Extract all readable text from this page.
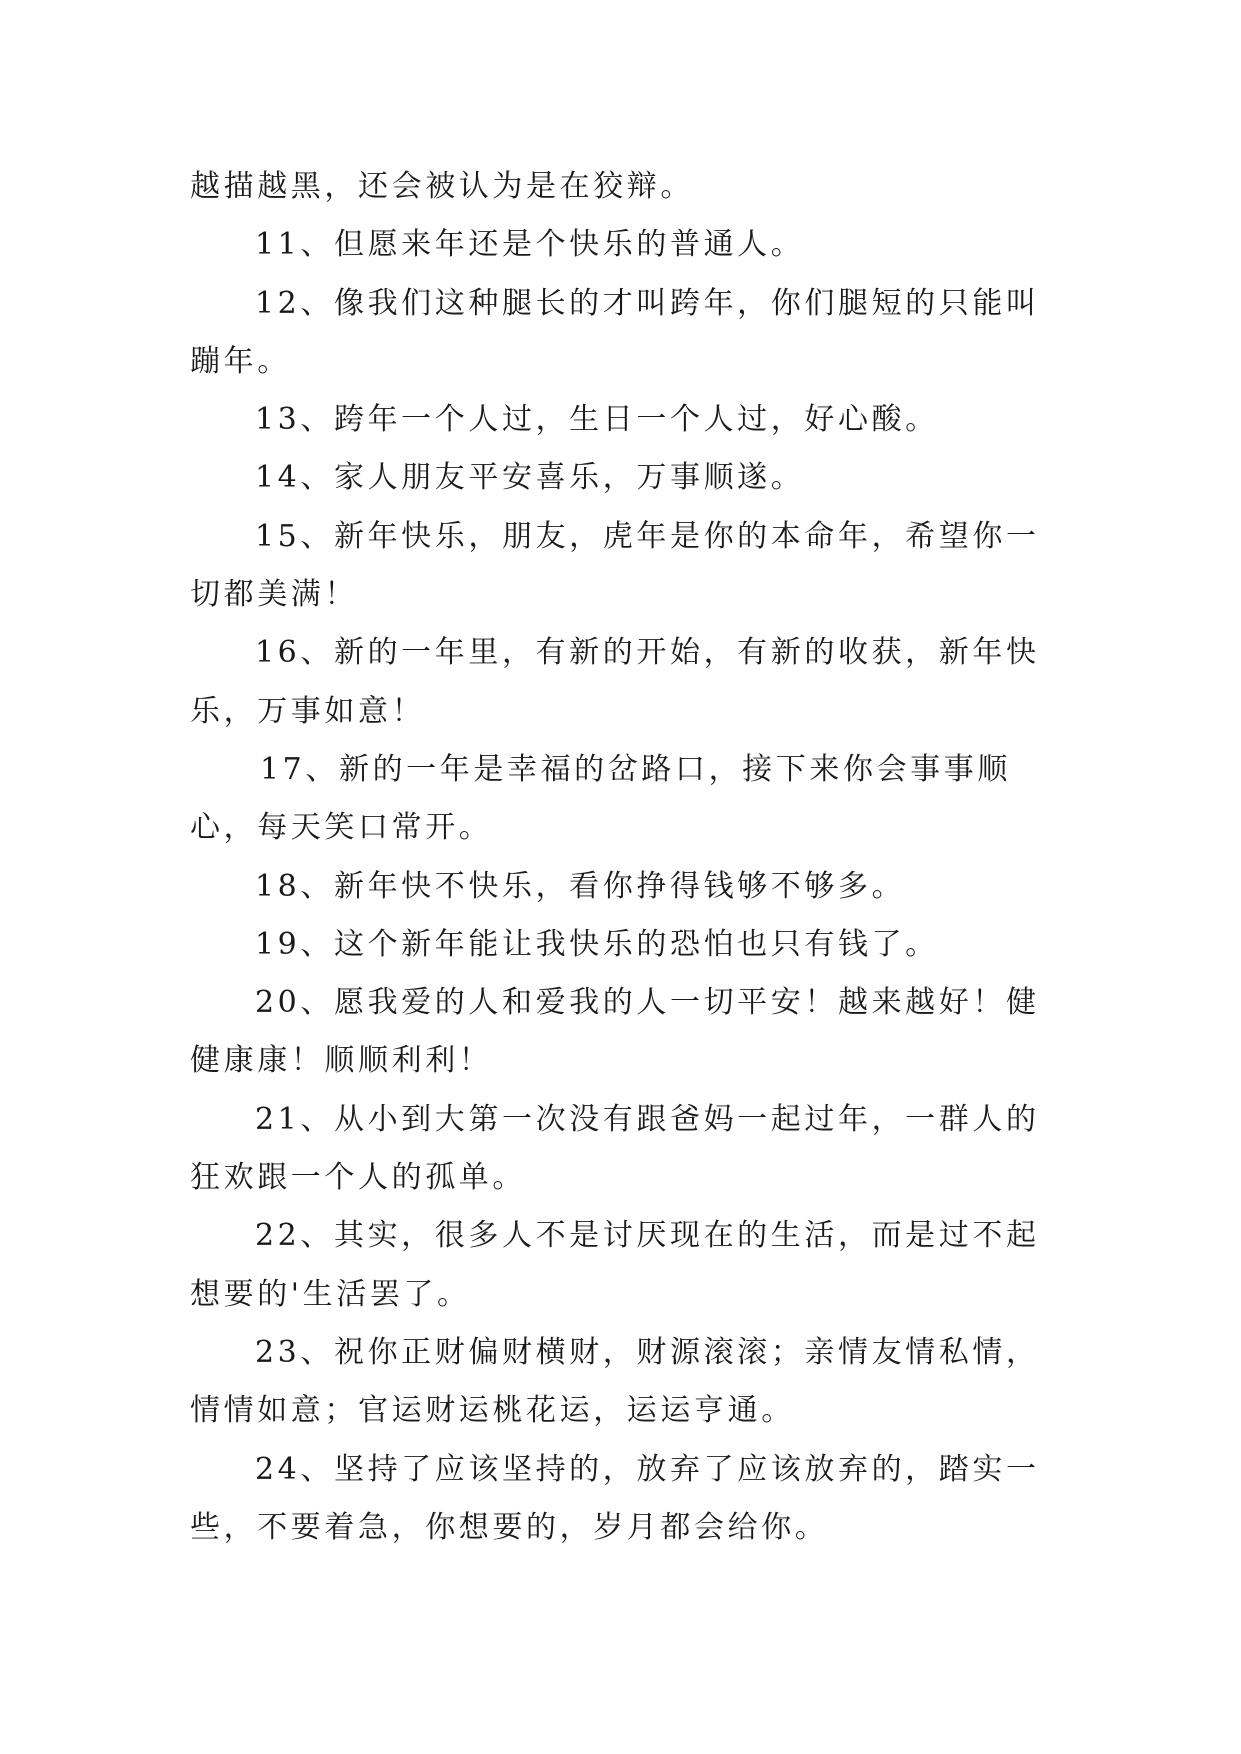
越描越黑，还会被认为是在狡辩。

11、但愿来年还是个快乐的普通人。

12、像我们这种腿长的才叫跨年，你们腿短的只能叫蹦年。

13、跨年一个人过，生日一个人过，好心酸。

14、家人朋友平安喜乐，万事顺遂。

15、新年快乐，朋友，虎年是你的本命年，希望你一切都美满！

16、新的一年里，有新的开始，有新的收获，新年快乐，万事如意！

17、新的一年是幸福的岔路口，接下来你会事事顺心，每天笑口常开。

18、新年快不快乐，看你挣得钱够不够多。

19、这个新年能让我快乐的恐怕也只有钱了。

20、愿我爱的人和爱我的人一切平安！越来越好！健健康康！顺顺利利！

21、从小到大第一次没有跟爸妈一起过年，一群人的狂欢跟一个人的孤单。

22、其实，很多人不是讨厌现在的生活，而是过不起想要的'生活罢了。

23、祝你正财偏财横财，财源滚滚；亲情友情私情，情情如意；官运财运桃花运，运运亨通。

24、坚持了应该坚持的，放弃了应该放弃的，踏实一些，不要着急，你想要的，岁月都会给你。
